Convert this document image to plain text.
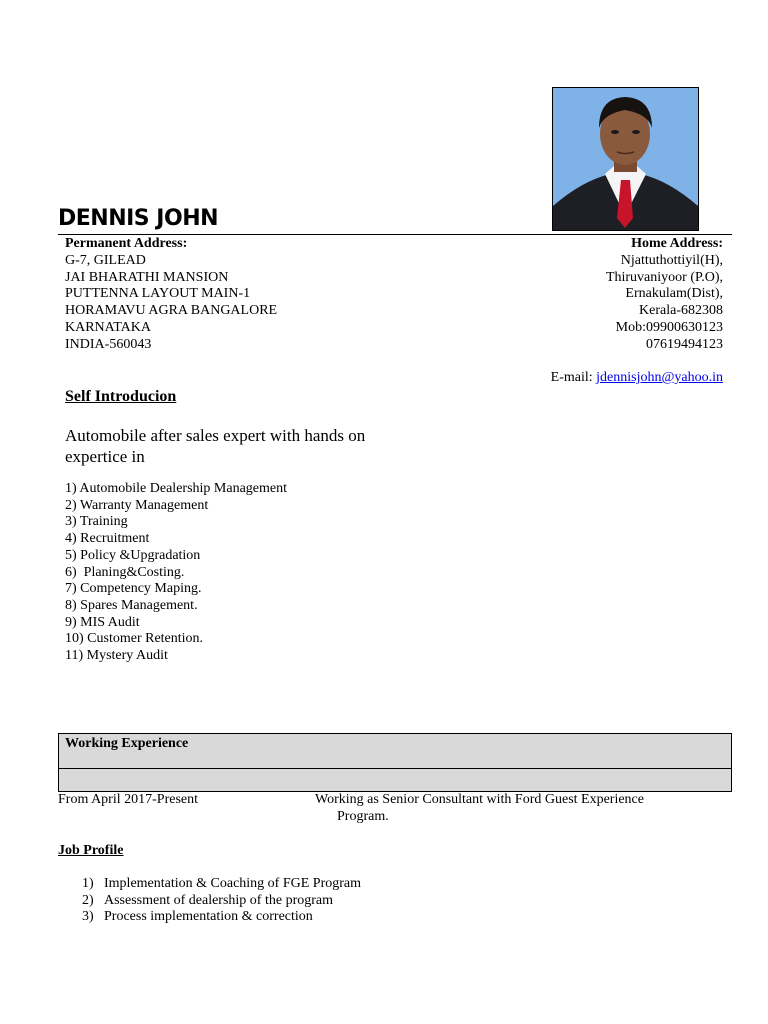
DENNIS JOHN
Permanent Address:
G-7, GILEAD
JAI BHARATHI MANSION
PUTTENNA LAYOUT MAIN-1
HORAMAVU AGRA BANGALORE
KARNATAKA
INDIA-560043
Home Address:
Njattuthottiyil(H),
Thiruvaniyoor (P.O),
Ernakulam(Dist),
Kerala-682308
Mob:09900630123
07619494123
E-mail: jdennisjohn@yahoo.in
Self Introducion
Automobile after sales expert with hands on expertice in
1) Automobile Dealership Management
2) Warranty Management
3) Training
4) Recruitment
5) Policy &Upgradation
6)  Planing&Costing.
7) Competency Maping.
8) Spares Management.
9) MIS Audit
10) Customer Retention.
11) Mystery Audit
Working Experience
From April 2017-Present	Working as Senior Consultant with Ford Guest Experience
Program.
Job Profile
1) Implementation & Coaching of FGE Program
2) Assessment of dealership of the program
3) Process implementation & correction
